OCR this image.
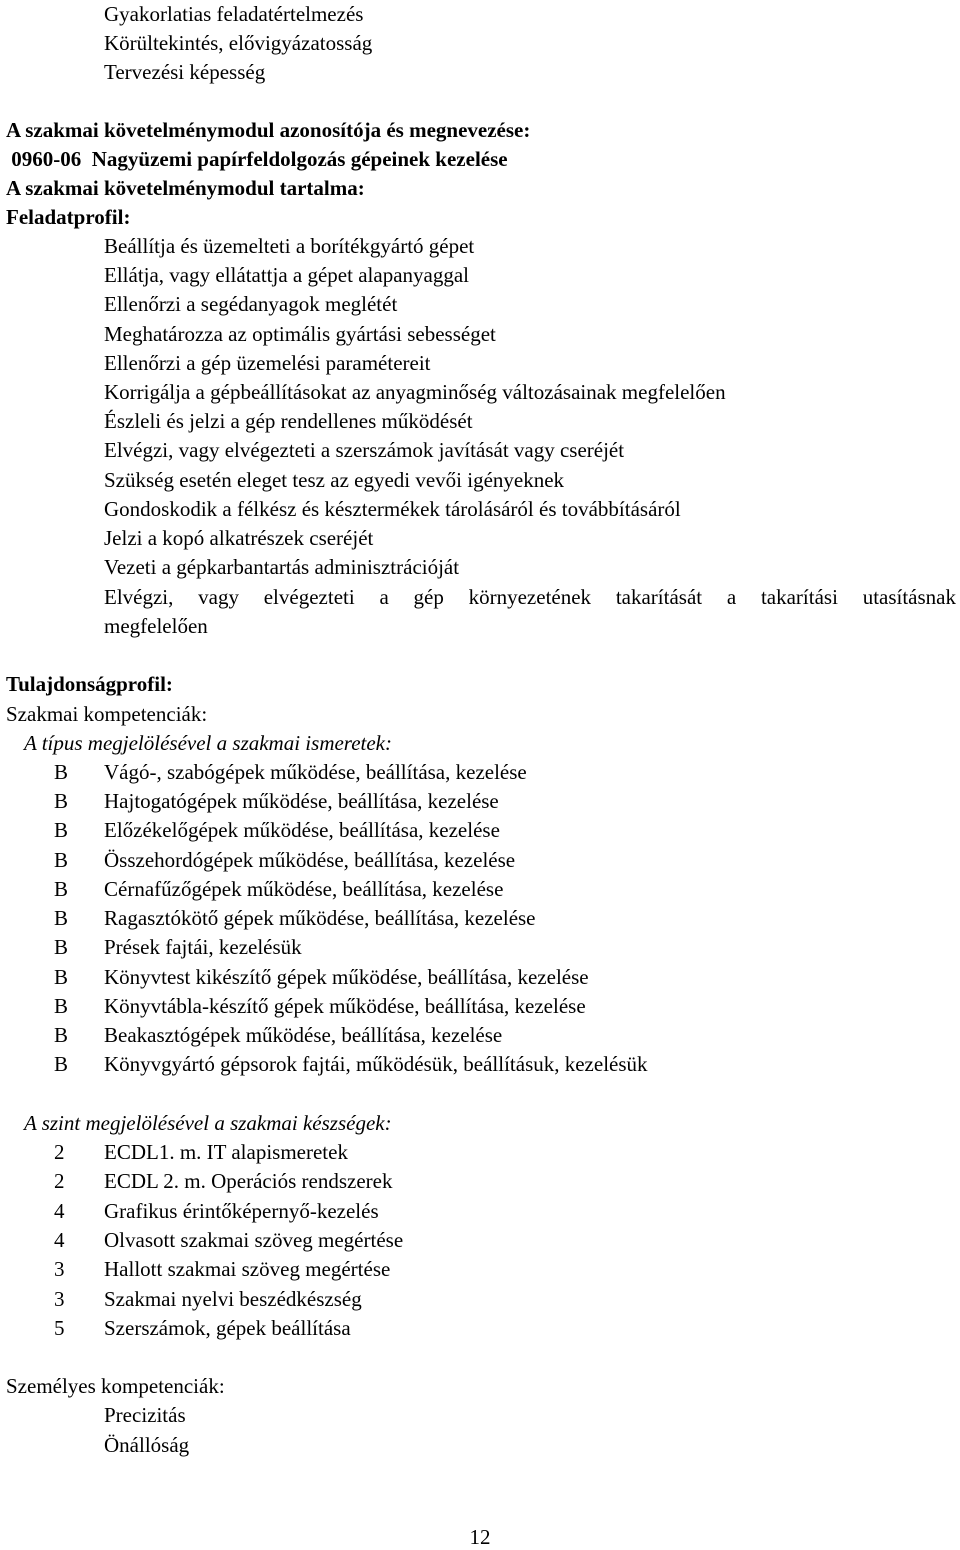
Gyakorlatias feladatértelmezés
Körültekintés, elővigyázatosság
Tervezési képesség
A szakmai követelménymodul azonosítója és megnevezése:
0960-06  Nagyüzemi papírfeldolgozás gépeinek kezelése
A szakmai követelménymodul tartalma:
Feladatprofil:
Beállítja és üzemelteti a borítékgyártó gépet
Ellátja, vagy ellátattja a gépet alapanyaggal
Ellenőrzi a segédanyagok meglétét
Meghatározza az optimális gyártási sebességet
Ellenőrzi a gép üzemelési paramétereit
Korrigálja a gépbeállításokat az anyagminőség változásainak megfelelően
Észleli és jelzi a gép rendellenes működését
Elvégzi, vagy elvégezteti a szerszámok javítását vagy cseréjét
Szükség esetén eleget tesz az egyedi vevői igényeknek
Gondoskodik a félkész és késztermékek tárolásáról és továbbításáról
Jelzi a kopó alkatrészek cseréjét
Vezeti a gépkarbantartás adminisztrációját
Elvégzi, vagy elvégezteti a gép környezetének takarítását a takarítási utasításnak
megfelelően
Tulajdonságprofil:
Szakmai kompetenciák:
A típus megjelölésével a szakmai ismeretek:
B	Vágó-, szabógépek működése, beállítása, kezelése
B	Hajtogatógépek működése, beállítása, kezelése
B	Előzékelőgépek működése, beállítása, kezelése
B	Összehordógépek működése, beállítása, kezelése
B	Cérnafűzőgépek működése, beállítása, kezelése
B	Ragasztókötő gépek működése, beállítása, kezelése
B	Prések fajtái, kezelésük
B	Könyvtest kikészítő gépek működése, beállítása, kezelése
B	Könyvtábla-készítő gépek működése, beállítása, kezelése
B	Beakasztógépek működése, beállítása, kezelése
B	Könyvgyártó gépsorok fajtái, működésük, beállításuk, kezelésük
A szint megjelölésével a szakmai készségek:
2	ECDL1. m. IT alapismeretek
2	ECDL 2. m. Operációs rendszerek
4	Grafikus érintőképernyő-kezelés
4	Olvasott szakmai szöveg megértése
3	Hallott szakmai szöveg megértése
3	Szakmai nyelvi beszédkészség
5	Szerszámok, gépek beállítása
Személyes kompetenciák:
Precizitás
Önállóság
12
